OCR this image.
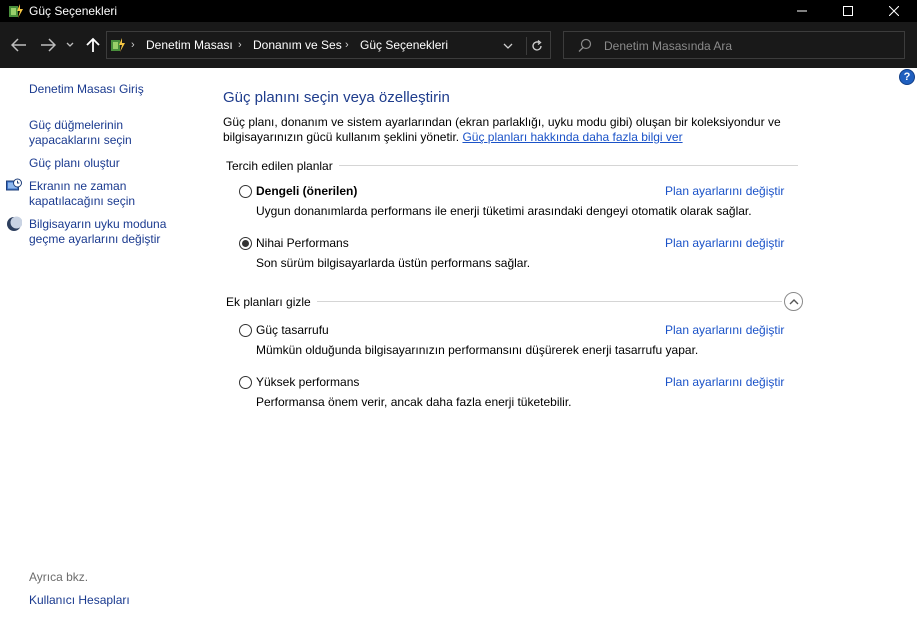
Güç Seçenekleri
› Denetim Masası › Donanım ve Ses › Güç Seçenekleri	Denetim Masasında Ara
?
Denetim Masası Giriş
Güç düğmelerinin
yapacaklarını seçin
Güç planı oluştur
Ekranın ne zaman
kapatılacağını seçin
Bilgisayarın uyku moduna
geçme ayarlarını değiştir
Ayrıca bkz.
Kullanıcı Hesapları
Güç planını seçin veya özelleştirin
Güç planı, donanım ve sistem ayarlarından (ekran parlaklığı, uyku modu gibi) oluşan bir koleksiyondur ve
bilgisayarınızın gücü kullanım şeklini yönetir. Güç planları hakkında daha fazla bilgi ver
Tercih edilen planlar
Dengeli (önerilen)	Plan ayarlarını değiştir
Uygun donanımlarda performans ile enerji tüketimi arasındaki dengeyi otomatik olarak sağlar.
Nihai Performans	Plan ayarlarını değiştir
Son sürüm bilgisayarlarda üstün performans sağlar.
Ek planları gizle
Güç tasarrufu	Plan ayarlarını değiştir
Mümkün olduğunda bilgisayarınızın performansını düşürerek enerji tasarrufu yapar.
Yüksek performans	Plan ayarlarını değiştir
Performansa önem verir, ancak daha fazla enerji tüketebilir.
